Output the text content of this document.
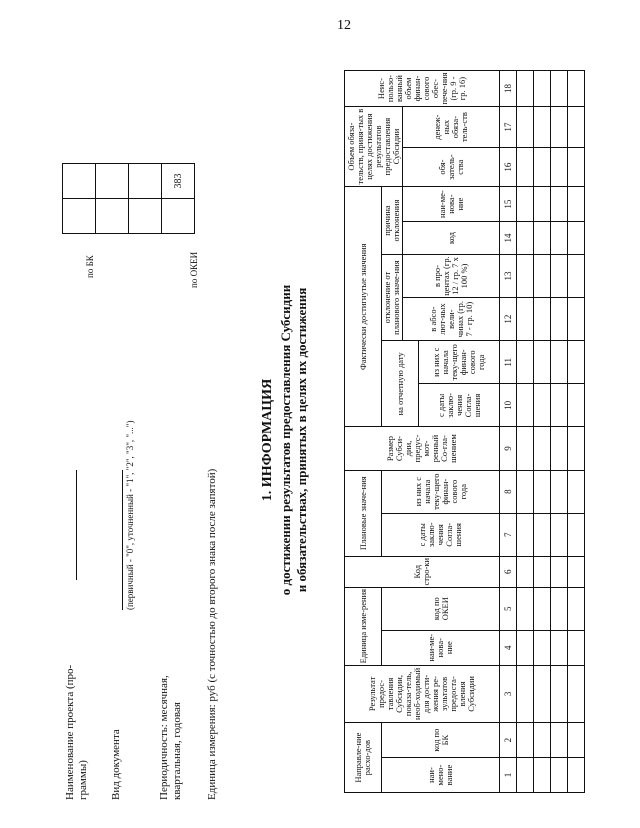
12
Наименование проекта (про- граммы) Вид документа
(первичный - "0", уточненный - "1", "2", "3", "...")
Периодичность: месячная, квартальная, годовая Единица измерения: руб (с точностью до второго знака после запятой)
по БК	по ОКЕИ

	383
1. ИНФОРМАЦИЯ о достижении результатов предоставления Субсидии и обязательствах, принятых в целях их достижения
Направле-ние расхо-дов		Результат предос-тавления Субсидии, показа-тель, необ-ходимый для дости-жения ре-зультатов предоста-вления Субсидии	Единица изме-рения		Код стро-ки	Плановые значе-ния		Размер Субси-дии, предус-мот-ренный Со-гла-шением	Фактически достигнутые значения						Объем обяза-тельств, приня-тых в целях достижения результатов предоставления Субсидии		Неис-пользо-ванный объем финан-сового обес-пече-ния (гр. 9 - гр. 16)
наи-мено-вание	код по БК		наи-ме-нова-ние	код по ОКЕИ		с даты заклю-чения Согла-шения	из них с начала теку-щего финан-сового года		на отчетную дату		отклонение от планового значе-ния		причина отклонения				
											в абсо-лют-ных вели-чинах (гр. 7 - гр. 10)	в про-центах (гр. 12 / гр. 7 x 100 %)	код	наи-ме-нова-ние	обя-затель-ства	денеж-ных обяза-тель-ств	
									с даты заклю-чения Согла-шения	из них с начала теку-щего финан-сового года							
1	2	3	4	5	6	7	8	9	10	11	12	13	14	15	16	17	18
